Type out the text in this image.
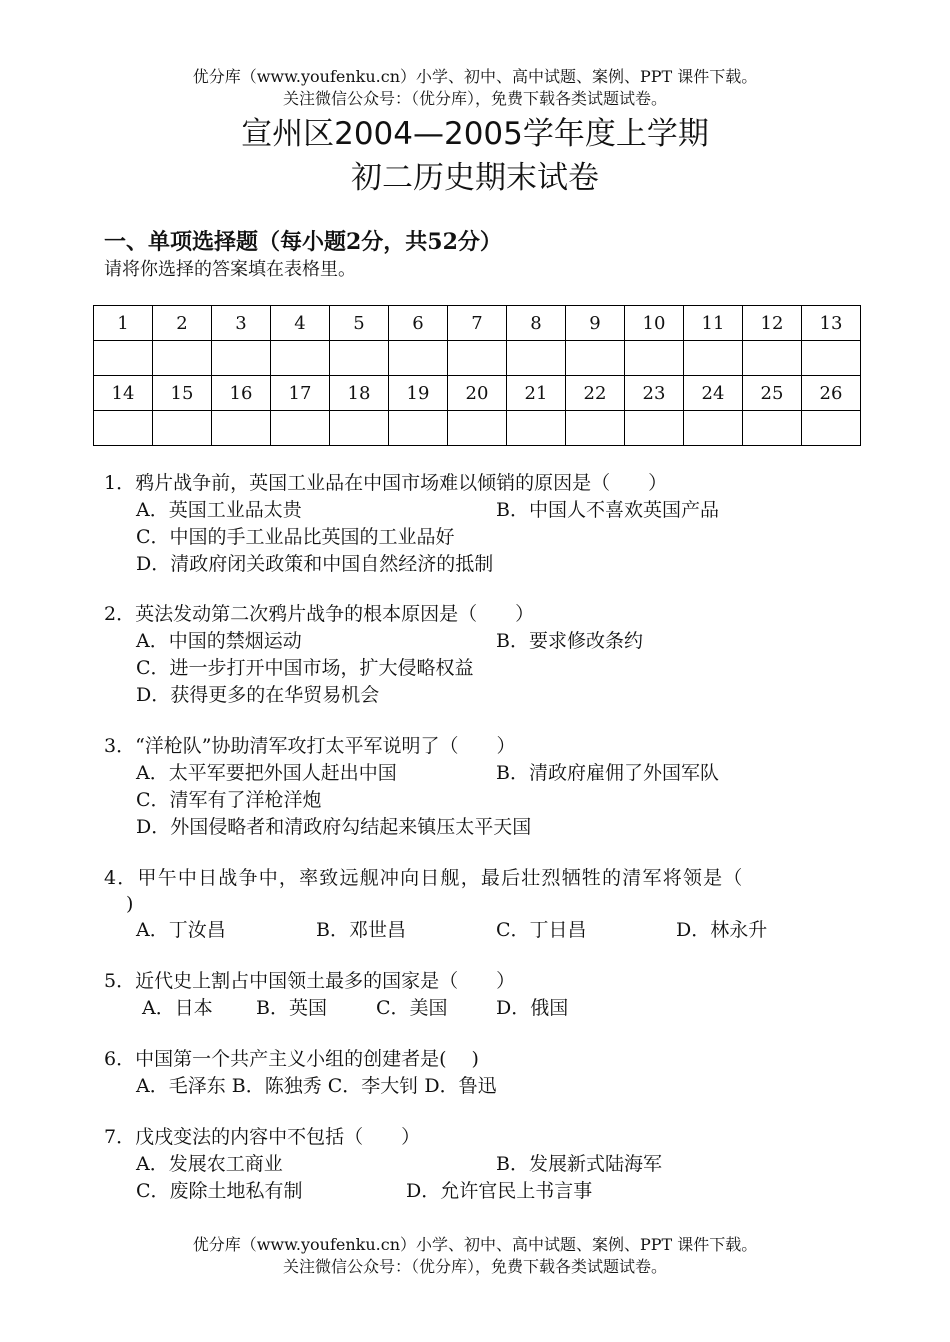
优分库（www.youfenku.cn）小学、初中、高中试题、案例、PPT 课件下载。
关注微信公众号：（优分库），免费下载各类试题试卷。
宣州区2004—2005学年度上学期
初二历史期末试卷
一、单项选择题（每小题2分，共52分）
请将你选择的答案填在表格里。
1	2	3	4	5	6	7	8	9	10	11	12	13

14	15	16	17	18	19	20	21	22	23	24	25	26

1．鸦片战争前，英国工业品在中国市场难以倾销的原因是（　　）
A．英国工业品太贵	B．中国人不喜欢英国产品
C．中国的手工业品比英国的工业品好
D．清政府闭关政策和中国自然经济的抵制
2．英法发动第二次鸦片战争的根本原因是（　　）
A．中国的禁烟运动	B．要求修改条约
C．进一步打开中国市场，扩大侵略权益
D．获得更多的在华贸易机会
3．“洋枪队”协助清军攻打太平军说明了（　　）
A．太平军要把外国人赶出中国	B．清政府雇佣了外国军队
C．清军有了洋枪洋炮
D．外国侵略者和清政府勾结起来镇压太平天国
4．甲午中日战争中，率致远舰冲向日舰，最后壮烈牺牲的清军将领是（
)
A．丁汝昌	B．邓世昌	C．丁日昌	D．林永升
5．近代史上割占中国领土最多的国家是（　　）
A．日本 B．英国	C．美国	D．俄国
6．中国第一个共产主义小组的创建者是(　 )
A．毛泽东 B．陈独秀 C．李大钊 D．鲁迅
7．戊戌变法的内容中不包括（　　）
A．发展农工商业	B．发展新式陆海军
C．废除土地私有制	D．允许官民上书言事
优分库（www.youfenku.cn）小学、初中、高中试题、案例、PPT 课件下载。
关注微信公众号：（优分库），免费下载各类试题试卷。
